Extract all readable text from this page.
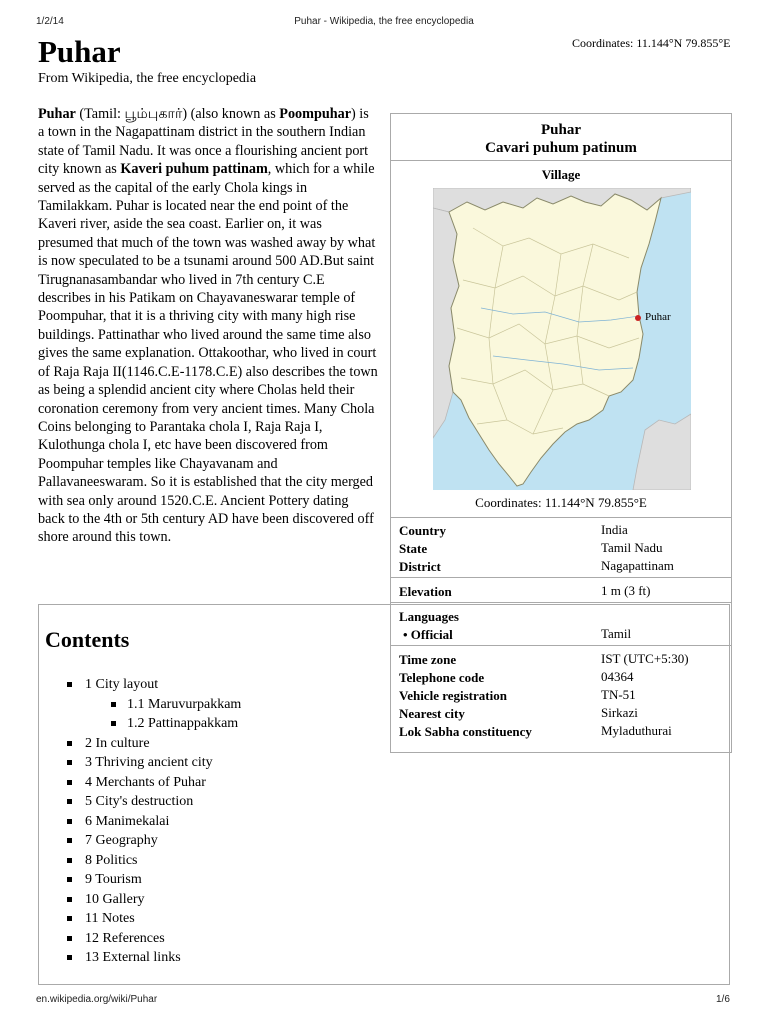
1/2/14	Puhar - Wikipedia, the free encyclopedia
Puhar	Coordinates: 11.144°N 79.855°E
From Wikipedia, the free encyclopedia

Puhar (Tamil: பூம்புகார்) (also known as Poompuhar) is a town in the Nagapattinam district in the southern Indian state of Tamil Nadu. It was once a flourishing ancient port city known as Kaveri puhum pattinam, which for a while served as the capital of the early Chola kings in Tamilakkam. Puhar is located near the end point of the Kaveri river, aside the sea coast. Earlier on, it was presumed that much of the town was washed away by what is now speculated to be a tsunami around 500 AD.But saint Tirugnanasambandar who lived in 7th century C.E describes in his Patikam on Chayavaneswarar temple of Poompuhar, that it is a thriving city with many high rise buildings. Pattinathar who lived around the same time also gives the same explanation. Ottakoothar, who lived in court of Raja Raja II(1146.C.E-1178.C.E) also describes the town as being a splendid ancient city where Cholas held their coronation ceremony from very ancient times. Many Chola Coins belonging to Parantaka chola I, Raja Raja I, Kulothunga chola I, etc have been discovered from Poompuhar temples like Chayavanam and Pallavaneeswaram. So it is established that the city merged with sea only around 1520.C.E. Ancient Pottery dating back to the 4th or 5th century AD have been discovered off shore around this town.

Puhar
Cavari puhum patinum
Village
Puhar
Coordinates: 11.144°N 79.855°E
Country	India
State	Tamil Nadu
District	Nagapattinam
Elevation	1 m (3 ft)
Languages
• Official	Tamil
Time zone	IST (UTC+5:30)
Telephone code	04364
Vehicle registration	TN-51
Nearest city	Sirkazi
Lok Sabha constituency	Myladuthurai
Contents
1 City layout
1.1 Maruvurpakkam
1.2 Pattinappakkam
2 In culture
3 Thriving ancient city
4 Merchants of Puhar
5 City's destruction
6 Manimekalai
7 Geography
8 Politics
9 Tourism
10 Gallery
11 Notes
12 References
13 External links
en.wikipedia.org/wiki/Puhar	1/6
